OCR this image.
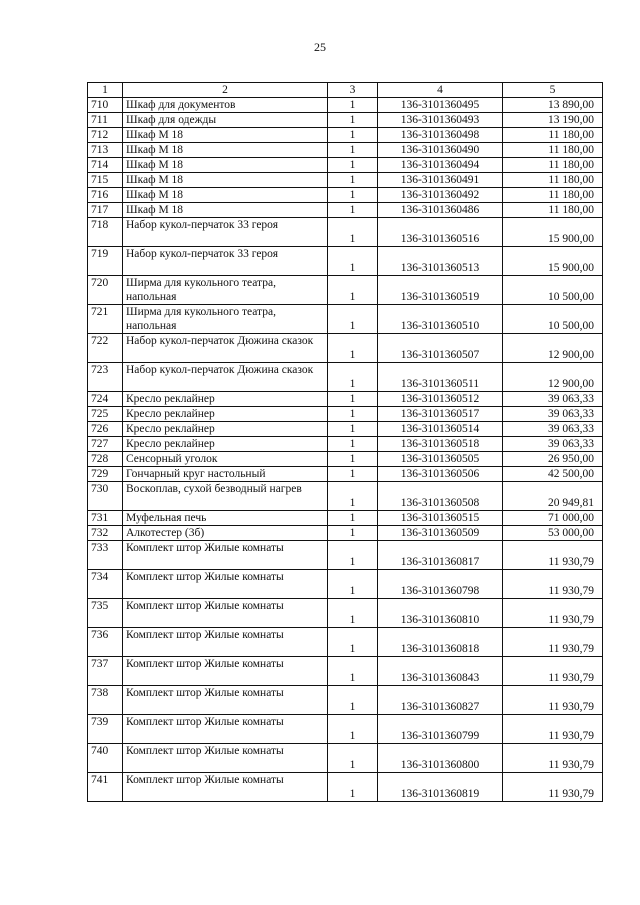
25
1	2	3	4	5
710	Шкаф для документов	1	136-3101360495	13 890,00
711	Шкаф для одежды	1	136-3101360493	13 190,00
712	Шкаф М 18	1	136-3101360498	11 180,00
713	Шкаф М 18	1	136-3101360490	11 180,00
714	Шкаф М 18	1	136-3101360494	11 180,00
715	Шкаф М 18	1	136-3101360491	11 180,00
716	Шкаф М 18	1	136-3101360492	11 180,00
717	Шкаф М 18	1	136-3101360486	11 180,00
718	Набор кукол-перчаток 33 героя	1	136-3101360516	15 900,00
719	Набор кукол-перчаток 33 героя	1	136-3101360513	15 900,00
720	Ширма для кукольного театра, напольная	1	136-3101360519	10 500,00
721	Ширма для кукольного театра, напольная	1	136-3101360510	10 500,00
722	Набор кукол-перчаток Дюжина сказок	1	136-3101360507	12 900,00
723	Набор кукол-перчаток Дюжина сказок	1	136-3101360511	12 900,00
724	Кресло реклайнер	1	136-3101360512	39 063,33
725	Кресло реклайнер	1	136-3101360517	39 063,33
726	Кресло реклайнер	1	136-3101360514	39 063,33
727	Кресло реклайнер	1	136-3101360518	39 063,33
728	Сенсорный уголок	1	136-3101360505	26 950,00
729	Гончарный круг настольный	1	136-3101360506	42 500,00
730	Воскоплав, сухой безводный нагрев	1	136-3101360508	20 949,81
731	Муфельная печь	1	136-3101360515	71 000,00
732	Алкотестер (3б)	1	136-3101360509	53 000,00
733	Комплект штор Жилые комнаты	1	136-3101360817	11 930,79
734	Комплект штор Жилые комнаты	1	136-3101360798	11 930,79
735	Комплект штор Жилые комнаты	1	136-3101360810	11 930,79
736	Комплект штор Жилые комнаты	1	136-3101360818	11 930,79
737	Комплект штор Жилые комнаты	1	136-3101360843	11 930,79
738	Комплект штор Жилые комнаты	1	136-3101360827	11 930,79
739	Комплект штор Жилые комнаты	1	136-3101360799	11 930,79
740	Комплект штор Жилые комнаты	1	136-3101360800	11 930,79
741	Комплект штор Жилые комнаты	1	136-3101360819	11 930,79
